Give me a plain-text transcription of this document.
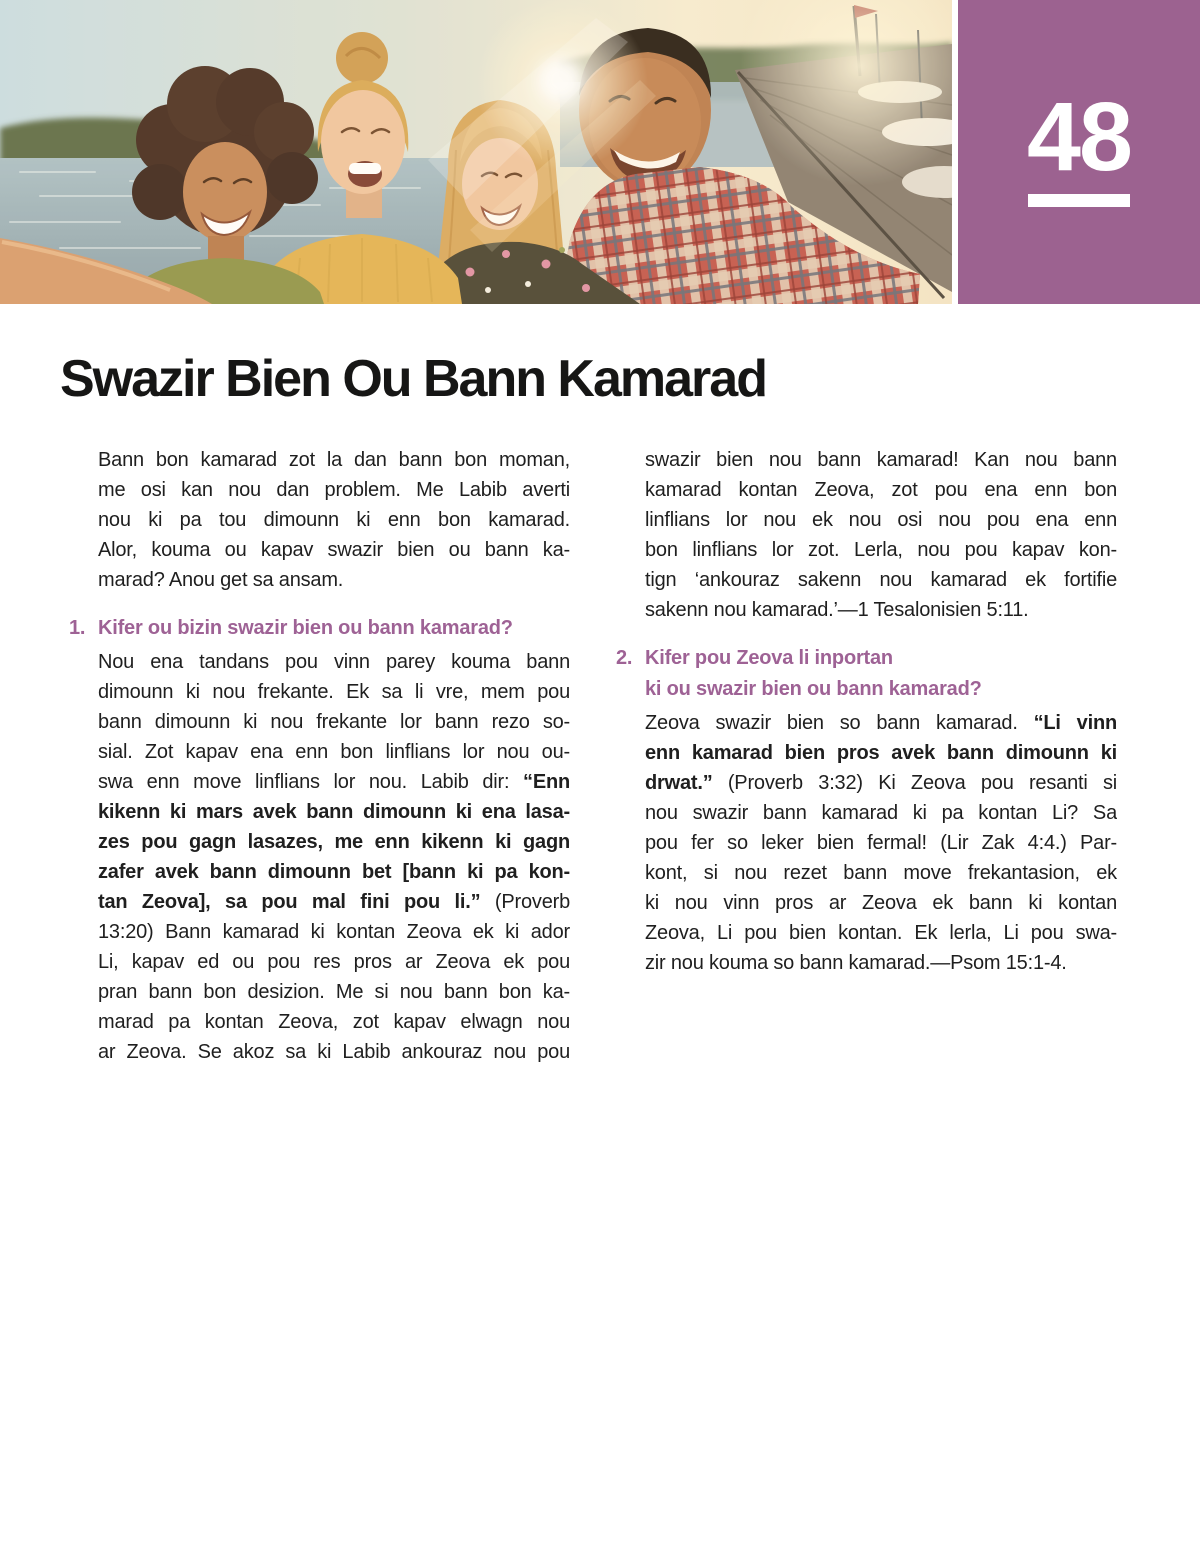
48
Swazir Bien Ou Bann Kamarad
Bann bon kamarad zot la dan bann bon moman,
me osi kan nou dan problem. Me Labib averti
nou ki pa tou dimounn ki enn bon kamarad.
Alor, kouma ou kapav swazir bien ou bann ka-
marad? Anou get sa ansam.
1. Kifer ou bizin swazir bien ou bann kamarad?
Nou ena tandans pou vinn parey kouma bann
dimounn ki nou frekante. Ek sa li vre, mem pou
bann dimounn ki nou frekante lor bann rezo so-
sial. Zot kapav ena enn bon linflians lor nou ou-
swa enn move linflians lor nou. Labib dir: “Enn
kikenn ki mars avek bann dimounn ki ena lasa-
zes pou gagn lasazes, me enn kikenn ki gagn
zafer avek bann dimounn bet [bann ki pa kon-
tan Zeova], sa pou mal fini pou li.” (Proverb
13:20) Bann kamarad ki kontan Zeova ek ki ador
Li, kapav ed ou pou res pros ar Zeova ek pou
pran bann bon desizion. Me si nou bann bon ka-
marad pa kontan Zeova, zot kapav elwagn nou
ar Zeova. Se akoz sa ki Labib ankouraz nou pou
swazir bien nou bann kamarad! Kan nou bann
kamarad kontan Zeova, zot pou ena enn bon
linflians lor nou ek nou osi nou pou ena enn
bon linflians lor zot. Lerla, nou pou kapav kon-
tign ‘ankouraz sakenn nou kamarad ek fortifie
sakenn nou kamarad.’—1 Tesalonisien 5:11.
2. Kifer pou Zeova li inportan
ki ou swazir bien ou bann kamarad?
Zeova swazir bien so bann kamarad. “Li vinn
enn kamarad bien pros avek bann dimounn ki
drwat.” (Proverb 3:32) Ki Zeova pou resanti si
nou swazir bann kamarad ki pa kontan Li? Sa
pou fer so leker bien fermal! (Lir Zak 4:4.) Par-
kont, si nou rezet bann move frekantasion, ek
ki nou vinn pros ar Zeova ek bann ki kontan
Zeova, Li pou bien kontan. Ek lerla, Li pou swa-
zir nou kouma so bann kamarad.—Psom 15:1-4.
